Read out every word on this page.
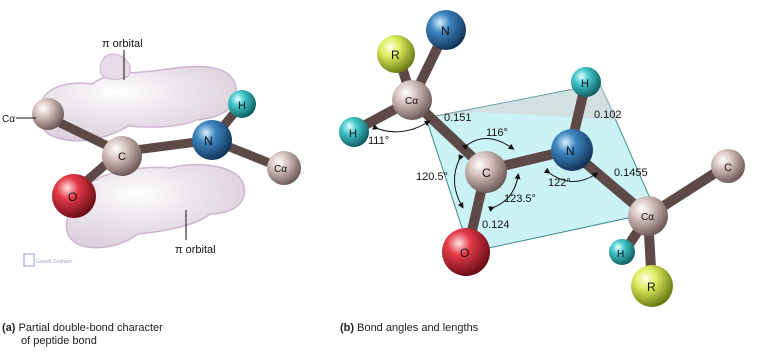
π orbital
π orbital
Cα
C
N
H
O
Cα
Garrett Grisham
N
R
Cα
H
H
C
N
O
C
H
Cα
R
0.151	0.102
0.1455
0.124
111°
116°
120.5°
123.5°
122°
(a) Partial double-bond character
of peptide bond
(b) Bond angles and lengths
